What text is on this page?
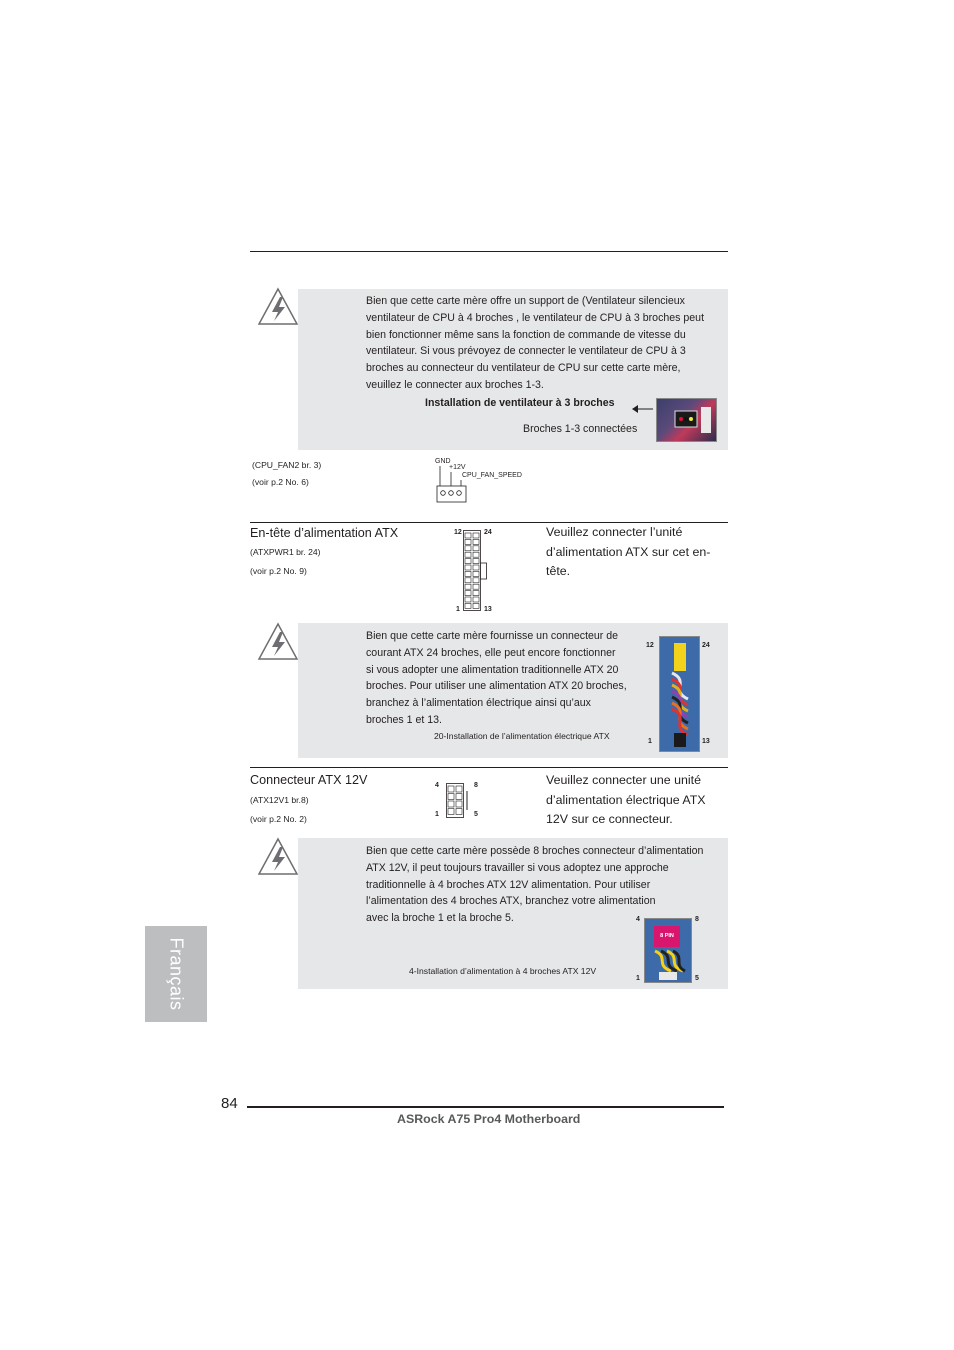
Bien que cette carte mère offre un support de (Ventilateur silencieux
ventilateur de CPU à 4 broches , le ventilateur de CPU à 3 broches peut
bien fonctionner même sans la fonction de commande de vitesse du
ventilateur. Si vous prévoyez de connecter le ventilateur de CPU à 3
broches au connecteur du ventilateur de CPU sur cette carte mère,
veuillez le connecter aux broches 1-3.
Installation de ventilateur à 3 broches
Broches 1-3 connectées
(CPU_FAN2 br. 3)
(voir p.2 No. 6)
GND
+12V
CPU_FAN_SPEED
En-tête d’alimentation ATX
(ATXPWR1 br. 24)
(voir p.2 No. 9)
Veuillez connecter l’unité
d’alimentation ATX sur cet en-
tête.
12	24
1	13
Bien que cette carte mère fournisse un connecteur de
courant ATX 24 broches, elle peut encore fonctionner
si vous adopter une alimentation traditionnelle ATX 20
broches. Pour utiliser une alimentation ATX 20 broches,
branchez à l’alimentation électrique ainsi qu’aux
broches 1 et 13.
20-Installation de l’alimentation électrique ATX
12	24
1	13
Connecteur ATX 12V
(ATX12V1 br.8)
(voir p.2 No. 2)
Veuillez connecter une unité
d’alimentation électrique ATX
12V sur ce connecteur.
4	8
1	5
Bien que cette carte mère possède 8 broches connecteur d’alimentation
ATX 12V, il peut toujours travailler si vous adoptez une approche
traditionnelle à 4 broches ATX 12V alimentation. Pour utiliser
l’alimentation des 4 broches ATX, branchez votre alimentation
avec la broche 1 et la broche 5.
4-Installation d’alimentation à 4 broches ATX 12V
4	8
1	5
8 PIN
Français
84
ASRock A75 Pro4 Motherboard
